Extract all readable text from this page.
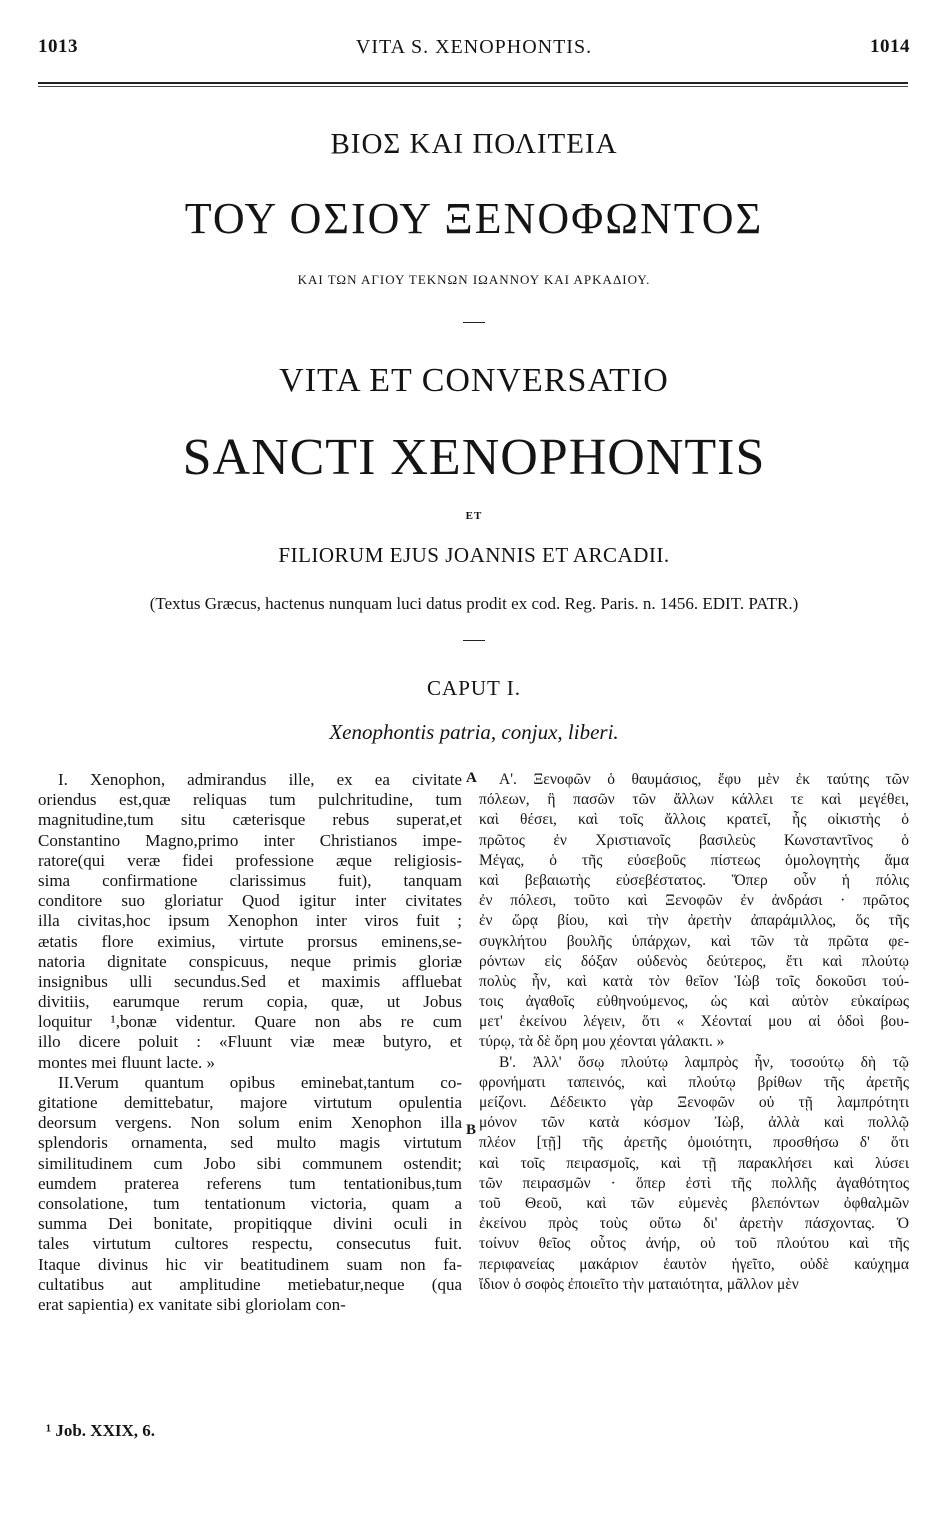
1013	VITA S. XENOPHONTIS.	1014
ΒΙΟΣ ΚΑΙ ΠΟΛΙΤΕΙΑ
ΤΟΥ ΟΣΙΟΥ ΞΕΝΟΦΩΝΤΟΣ
ΚΑΙ ΤΩΝ ΑΓΙΟΥ ΤΕΚΝΩΝ ΙΩΑΝΝΟΥ ΚΑΙ ΑΡΚΑΔΙΟΥ.
VITA ET CONVERSATIO
SANCTI XENOPHONTIS
ET
FILIORUM EJUS JOANNIS ET ARCADII.
(Textus Græcus, hactenus nunquam luci datus prodit ex cod. Reg. Paris. n. 1456. EDIT. PATR.)
CAPUT I.
Xenophontis patria, conjux, liberi.
I. Xenophon, admirandus ille, ex ea civitate
oriendus est,quæ reliquas tum pulchritudine, tum
magnitudine,tum situ cæterisque rebus superat,et
Constantino Magno,primo inter Christianos impe-
ratore(qui veræ fidei professione æque religiosis-
sima confirmatione clarissimus fuit), tanquam
conditore suo gloriatur Quod igitur inter civitates
illa civitas,hoc ipsum Xenophon inter viros fuit ;
ætatis flore eximius, virtute prorsus eminens,se-
natoria dignitate conspicuus, neque primis gloriæ
insignibus ulli secundus.Sed et maximis affluebat
divitiis, earumque rerum copia, quæ, ut Jobus
loquitur ¹,bonæ videntur. Quare non abs re cum
illo dicere poluit : «Fluunt viæ meæ butyro, et
montes mei fluunt lacte. »
II.Verum quantum opibus eminebat,tantum co-
gitatione demittebatur, majore virtutum opulentia
deorsum vergens. Non solum enim Xenophon illa
splendoris ornamenta, sed multo magis virtutum
similitudinem cum Jobo sibi communem ostendit;
eumdem praterea referens tum tentationibus,tum
consolatione, tum tentationum victoria, quam a
summa Dei bonitate, propitiqque divini oculi in
tales virtutum cultores respectu, consecutus fuit.
Itaque divinus hic vir beatitudinem suam non fa-
cultatibus aut amplitudine metiebatur,neque (qua
erat sapientia) ex vanitate sibi gloriolam con-
A
B
Α'. Ξενοφῶν ὁ θαυμάσιος, ἔφυ μὲν ἐκ ταύτης τῶν
πόλεων, ἣ πασῶν τῶν ἄλλων κάλλει τε καὶ μεγέθει,
καὶ θέσει, καὶ τοῖς ἄλλοις κρατεῖ, ἧς οἰκιστὴς ὁ
πρῶτος ἐν Χριστιανοῖς βασιλεὺς Κωνσταντῖνος ὁ
Μέγας, ὁ τῆς εὐσεβοῦς πίστεως ὁμολογητὴς ἅμα
καὶ βεβαιωτὴς εὐσεβέστατος. Ὅπερ οὖν ἡ πόλις
ἐν πόλεσι, τοῦτο καὶ Ξενοφῶν ἐν ἀνδράσι · πρῶτος
ἐν ὥρᾳ βίου, καὶ τὴν ἀρετὴν ἀπαράμιλλος, ὅς τῆς
συγκλήτου βουλῆς ὑπάρχων, καὶ τῶν τὰ πρῶτα φε-
ρόντων εἰς δόξαν οὐδενὸς δεύτερος, ἔτι καὶ πλούτῳ
πολὺς ἦν, καὶ κατὰ τὸν θεῖον Ἰὼβ τοῖς δοκοῦσι τού-
τοις ἀγαθοῖς εὐθηνούμενος, ὡς καὶ αὐτὸν εὐκαίρως
μετ' ἐκείνου λέγειν, ὅτι « Χέονταί μου αἱ ὁδοὶ βου-
τύρῳ, τὰ δὲ ὄρη μου χέονται γάλακτι. »
Β'. Ἀλλ' ὅσῳ πλούτῳ λαμπρὸς ἦν, τοσούτῳ δὴ τῷ
φρονήματι ταπεινός, καὶ πλούτῳ βρίθων τῆς ἀρετῆς
μείζονι. Δέδεικτο γὰρ Ξενοφῶν οὐ τῇ λαμπρότητι
μόνον τῶν κατὰ κόσμον Ἰὼβ, ἀλλὰ καὶ πολλῷ
πλέον [τῇ] τῆς ἀρετῆς ὁμοιότητι, προσθήσω δ' ὅτι
καὶ τοῖς πειρασμοῖς, καὶ τῇ παρακλήσει καὶ λύσει
τῶν πειρασμῶν · ὅπερ ἐστὶ τῆς πολλῆς ἀγαθότητος
τοῦ Θεοῦ, καὶ τῶν εὐμενὲς βλεπόντων ὀφθαλμῶν
ἐκείνου πρὸς τοὺς οὕτω δι' ἀρετὴν πάσχοντας. Ὁ
τοίνυν θεῖος οὗτος ἀνήρ, οὐ τοῦ πλούτου καὶ τῆς
περιφανείας μακάριον ἑαυτὸν ἡγεῖτο, οὐδὲ καύχημα
ἴδιον ὁ σοφὸς ἐποιεῖτο τὴν ματαιότητα, μᾶλλον μὲν
¹ Job. XXIX, 6.
